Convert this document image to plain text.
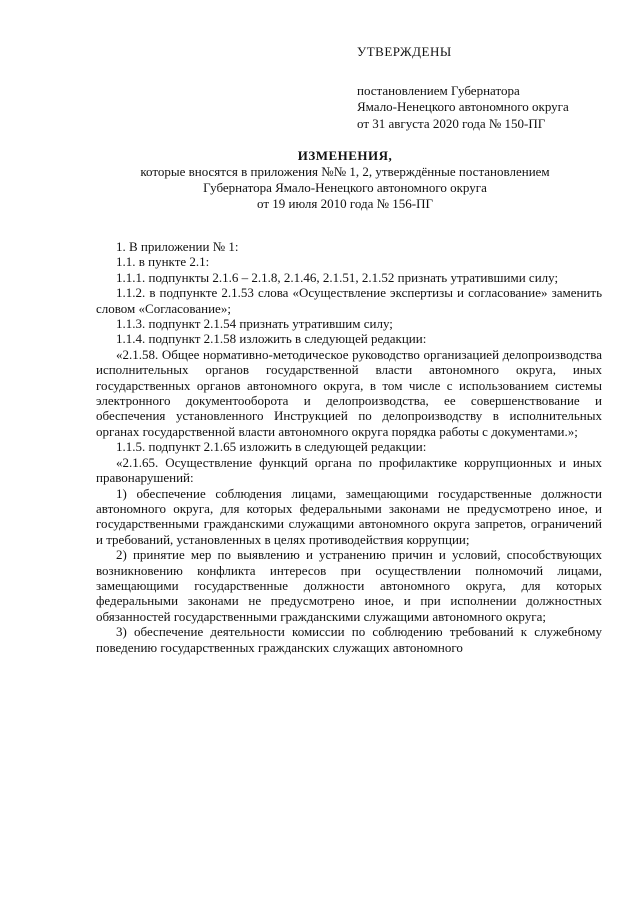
УТВЕРЖДЕНЫ
постановлением Губернатора
Ямало-Ненецкого автономного округа
от 31 августа 2020 года № 150-ПГ
ИЗМЕНЕНИЯ,
которые вносятся в приложения №№ 1, 2, утверждённые постановлением
Губернатора Ямало-Ненецкого автономного округа
от 19 июля 2010 года № 156-ПГ

1. В приложении № 1:

1.1. в пункте 2.1:

1.1.1. подпункты 2.1.6 – 2.1.8, 2.1.46, 2.1.51, 2.1.52 признать утратившими силу;

1.1.2. в подпункте 2.1.53 слова «Осуществление экспертизы и согласование» заменить словом «Согласование»;

1.1.3. подпункт 2.1.54 признать утратившим силу;

1.1.4. подпункт 2.1.58 изложить в следующей редакции:

«2.1.58. Общее нормативно-методическое руководство организацией делопроизводства исполнительных органов государственной власти автономного округа, иных государственных органов автономного округа, в том числе с использованием системы электронного документооборота и делопроизводства, ее совершенствование и обеспечения установленного Инструкцией по делопроизводству в исполнительных органах государственной власти автономного округа порядка работы с документами.»;

1.1.5. подпункт 2.1.65 изложить в следующей редакции:

«2.1.65. Осуществление функций органа по профилактике коррупционных и иных правонарушений:

1) обеспечение соблюдения лицами, замещающими государственные должности автономного округа, для которых федеральными законами не предусмотрено иное, и государственными гражданскими служащими автономного округа запретов, ограничений и требований, установленных в целях противодействия коррупции;

2) принятие мер по выявлению и устранению причин и условий, способствующих возникновению конфликта интересов при осуществлении полномочий лицами, замещающими государственные должности автономного округа, для которых федеральными законами не предусмотрено иное, и при исполнении должностных обязанностей государственными гражданскими служащими автономного округа;

3) обеспечение деятельности комиссии по соблюдению требований к служебному поведению государственных гражданских служащих автономного
